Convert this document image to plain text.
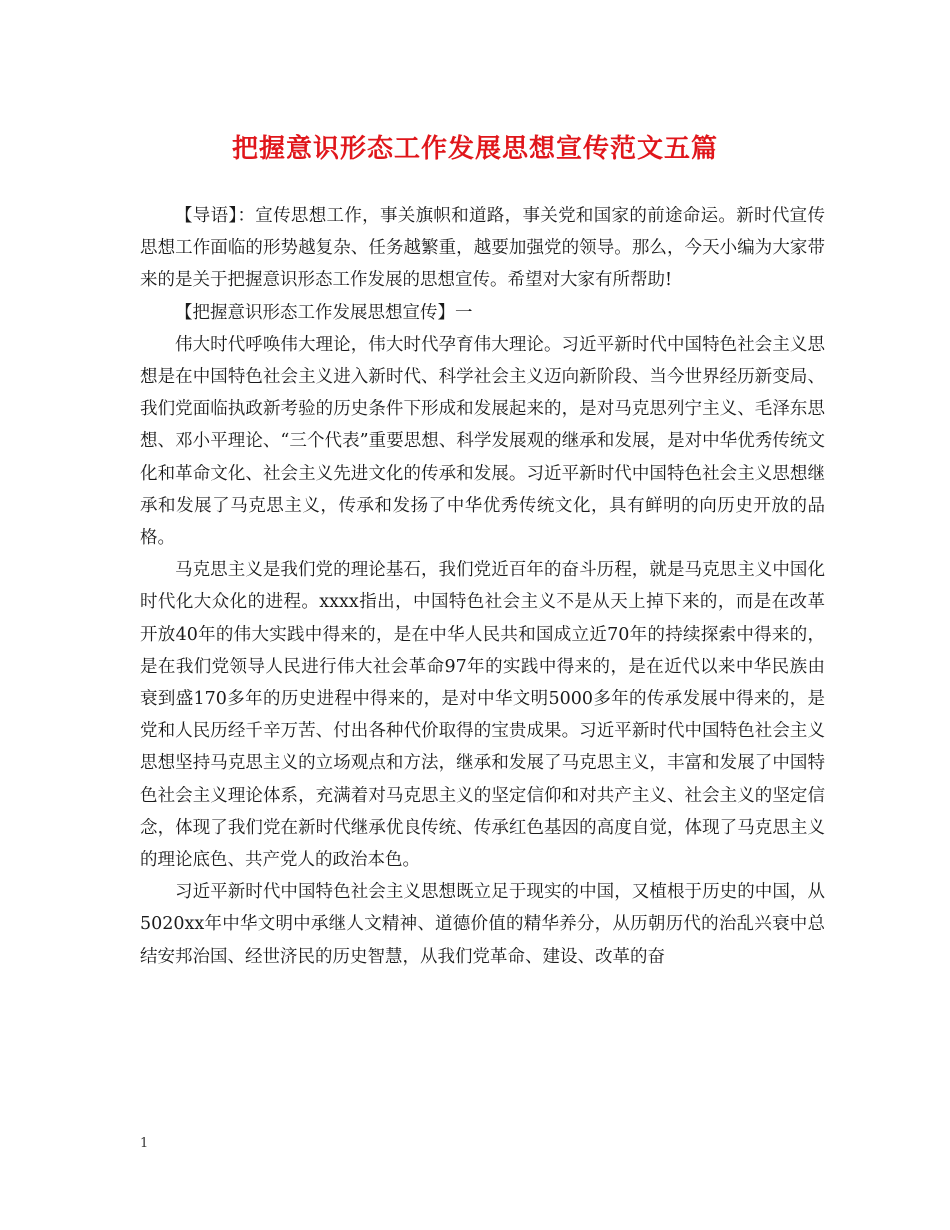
把握意识形态工作发展思想宣传范文五篇

【导语】：宣传思想工作，事关旗帜和道路，事关党和国家的前途命运。新时代宣传思想工作面临的形势越复杂、任务越繁重，越要加强党的领导。那么，今天小编为大家带来的是关于把握意识形态工作发展的思想宣传。希望对大家有所帮助!

【把握意识形态工作发展思想宣传】一

伟大时代呼唤伟大理论，伟大时代孕育伟大理论。习近平新时代中国特色社会主义思想是在中国特色社会主义进入新时代、科学社会主义迈向新阶段、当今世界经历新变局、我们党面临执政新考验的历史条件下形成和发展起来的，是对马克思列宁主义、毛泽东思想、邓小平理论、“三个代表”重要思想、科学发展观的继承和发展，是对中华优秀传统文化和革命文化、社会主义先进文化的传承和发展。习近平新时代中国特色社会主义思想继承和发展了马克思主义，传承和发扬了中华优秀传统文化，具有鲜明的向历史开放的品格。

马克思主义是我们党的理论基石，我们党近百年的奋斗历程，就是马克思主义中国化时代化大众化的进程。xxxx指出，中国特色社会主义不是从天上掉下来的，而是在改革开放40年的伟大实践中得来的，是在中华人民共和国成立近70年的持续探索中得来的，是在我们党领导人民进行伟大社会革命97年的实践中得来的，是在近代以来中华民族由衰到盛170多年的历史进程中得来的，是对中华文明5000多年的传承发展中得来的，是党和人民历经千辛万苦、付出各种代价取得的宝贵成果。习近平新时代中国特色社会主义思想坚持马克思主义的立场观点和方法，继承和发展了马克思主义，丰富和发展了中国特色社会主义理论体系，充满着对马克思主义的坚定信仰和对共产主义、社会主义的坚定信念，体现了我们党在新时代继承优良传统、传承红色基因的高度自觉，体现了马克思主义的理论底色、共产党人的政治本色。

习近平新时代中国特色社会主义思想既立足于现实的中国，又植根于历史的中国，从5020xx年中华文明中承继人文精神、道德价值的精华养分，从历朝历代的治乱兴衰中总结安邦治国、经世济民的历史智慧，从我们党革命、建设、改革的奋

1
